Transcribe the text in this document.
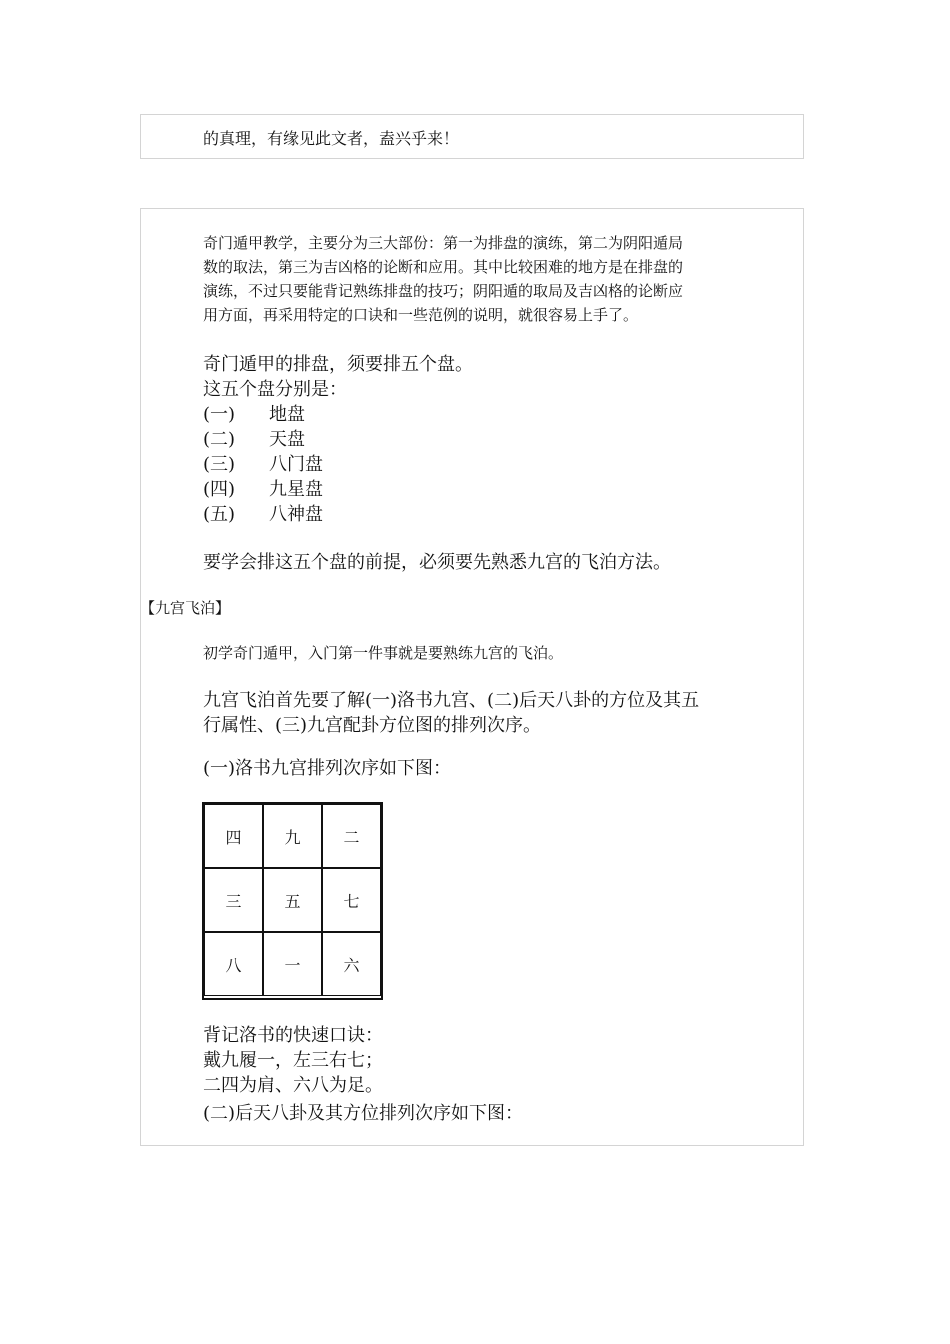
的真理，有缘见此文者，盍兴乎来！
奇门遁甲教学，主要分为三大部份：第一为排盘的演练，第二为阴阳遁局
数的取法，第三为吉凶格的论断和应用。其中比较困难的地方是在排盘的
演练，不过只要能背记熟练排盘的技巧；阴阳遁的取局及吉凶格的论断应
用方面，再采用特定的口诀和一些范例的说明，就很容易上手了。
奇门遁甲的排盘，须要排五个盘。
这五个盘分别是：
(一) 地盘
(二) 天盘
(三) 八门盘
(四) 九星盘
(五) 八神盘
要学会排这五个盘的前提，必须要先熟悉九宫的飞泊方法。
【九宫飞泊】
初学奇门遁甲，入门第一件事就是要熟练九宫的飞泊。
九宫飞泊首先要了解(一)洛书九宫、(二)后天八卦的方位及其五
行属性、(三)九宫配卦方位图的排列次序。
(一)洛书九宫排列次序如下图：
四	九	二
三	五	七
八	一	六
背记洛书的快速口诀：
戴九履一，左三右七；
二四为肩、六八为足。
(二)后天八卦及其方位排列次序如下图：
